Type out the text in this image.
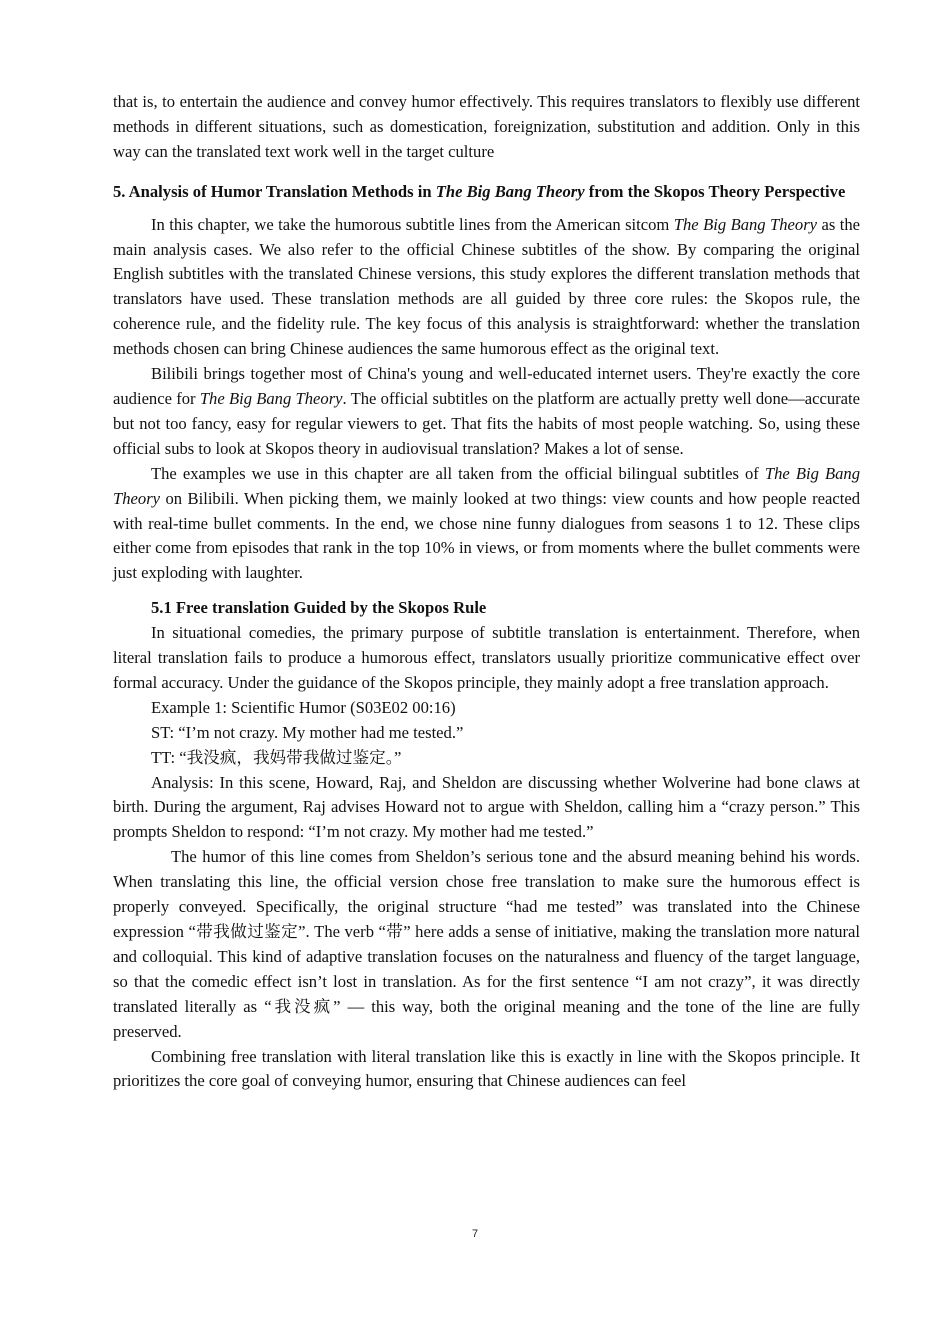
that is, to entertain the audience and convey humor effectively. This requires translators to flexibly use different methods in different situations, such as domestication, foreignization, substitution and addition. Only in this way can the translated text work well in the target culture

5. Analysis of Humor Translation Methods in The Big Bang Theory from the Skopos Theory Perspective

In this chapter, we take the humorous subtitle lines from the American sitcom The Big Bang Theory as the main analysis cases. We also refer to the official Chinese subtitles of the show. By comparing the original English subtitles with the translated Chinese versions, this study explores the different translation methods that translators have used. These translation methods are all guided by three core rules: the Skopos rule, the coherence rule, and the fidelity rule. The key focus of this analysis is straightforward: whether the translation methods chosen can bring Chinese audiences the same humorous effect as the original text.

Bilibili brings together most of China's young and well-educated internet users. They're exactly the core audience for The Big Bang Theory. The official subtitles on the platform are actually pretty well done—accurate but not too fancy, easy for regular viewers to get. That fits the habits of most people watching. So, using these official subs to look at Skopos theory in audiovisual translation? Makes a lot of sense.

The examples we use in this chapter are all taken from the official bilingual subtitles of The Big Bang Theory on Bilibili. When picking them, we mainly looked at two things: view counts and how people reacted with real-time bullet comments. In the end, we chose nine funny dialogues from seasons 1 to 12. These clips either come from episodes that rank in the top 10% in views, or from moments where the bullet comments were just exploding with laughter.

5.1 Free translation Guided by the Skopos Rule

In situational comedies, the primary purpose of subtitle translation is entertainment. Therefore, when literal translation fails to produce a humorous effect, translators usually prioritize communicative effect over formal accuracy. Under the guidance of the Skopos principle, they mainly adopt a free translation approach.

Example 1: Scientific Humor (S03E02 00:16)

ST: “I’m not crazy. My mother had me tested.”

TT: “我没疯，我妈带我做过鉴定。”

Analysis: In this scene, Howard, Raj, and Sheldon are discussing whether Wolverine had bone claws at birth. During the argument, Raj advises Howard not to argue with Sheldon, calling him a “crazy person.” This prompts Sheldon to respond: “I’m not crazy. My mother had me tested.”

The humor of this line comes from Sheldon’s serious tone and the absurd meaning behind his words. When translating this line, the official version chose free translation to make sure the humorous effect is properly conveyed. Specifically, the original structure “had me tested” was translated into the Chinese expression “带我做过鉴定”. The verb “带” here adds a sense of initiative, making the translation more natural and colloquial. This kind of adaptive translation focuses on the naturalness and fluency of the target language, so that the comedic effect isn’t lost in translation. As for the first sentence “I am not crazy”, it was directly translated literally as “我没疯” — this way, both the original meaning and the tone of the line are fully preserved.

Combining free translation with literal translation like this is exactly in line with the Skopos principle. It prioritizes the core goal of conveying humor, ensuring that Chinese audiences can feel

7
